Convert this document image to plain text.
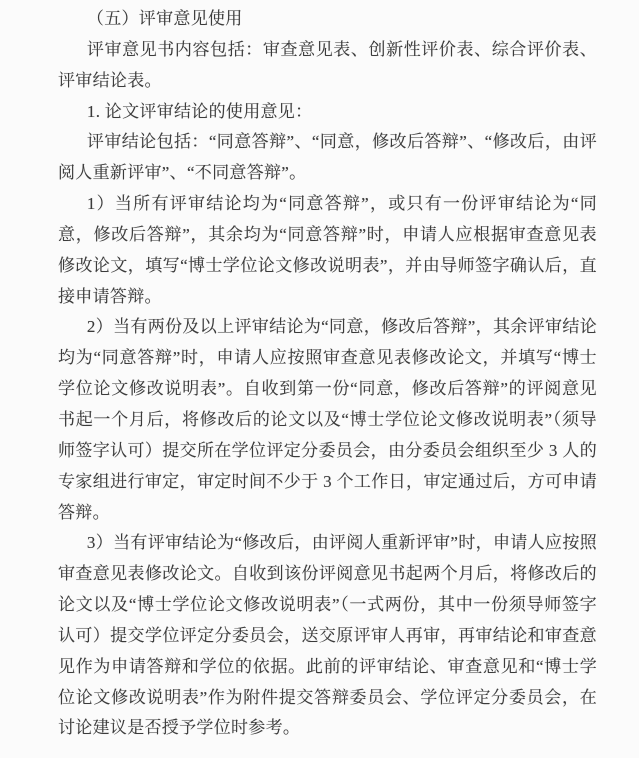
（五）评审意见使用

评审意见书内容包括：审查意见表、创新性评价表、综合评价表、评审结论表。

1. 论文评审结论的使用意见：

评审结论包括：“同意答辩”、“同意，修改后答辩”、“修改后，由评阅人重新评审”、“不同意答辩”。

1）当所有评审结论均为“同意答辩”，或只有一份评审结论为“同意，修改后答辩”，其余均为“同意答辩”时，申请人应根据审查意见表修改论文，填写“博士学位论文修改说明表”，并由导师签字确认后，直接申请答辩。

2）当有两份及以上评审结论为“同意，修改后答辩”，其余评审结论均为“同意答辩”时，申请人应按照审查意见表修改论文，并填写“博士学位论文修改说明表”。自收到第一份“同意，修改后答辩”的评阅意见书起一个月后，将修改后的论文以及“博士学位论文修改说明表”（须导师签字认可）提交所在学位评定分委员会，由分委员会组织至少 3 人的专家组进行审定，审定时间不少于 3 个工作日，审定通过后，方可申请答辩。

3）当有评审结论为“修改后，由评阅人重新评审”时，申请人应按照审查意见表修改论文。自收到该份评阅意见书起两个月后，将修改后的论文以及“博士学位论文修改说明表”（一式两份，其中一份须导师签字认可）提交学位评定分委员会，送交原评审人再审，再审结论和审查意见作为申请答辩和学位的依据。此前的评审结论、审查意见和“博士学位论文修改说明表”作为附件提交答辩委员会、学位评定分委员会，在讨论建议是否授予学位时参考。
